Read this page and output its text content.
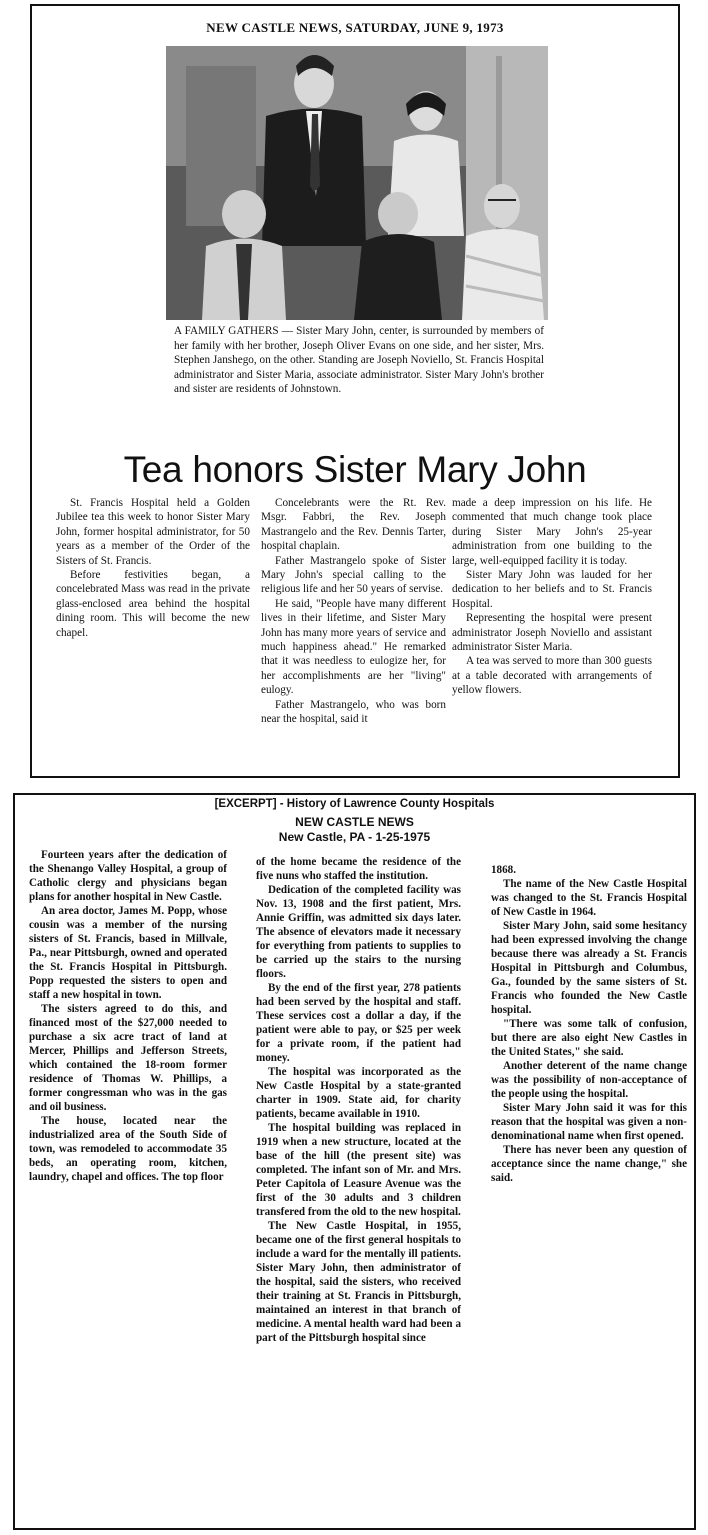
NEW CASTLE NEWS, SATURDAY, JUNE 9, 1973
A FAMILY GATHERS — Sister Mary John, center, is surrounded by members of her family with her brother, Joseph Oliver Evans on one side, and her sister, Mrs. Stephen Janshego, on the other. Standing are Joseph Noviello, St. Francis Hospital administrator and Sister Maria, associate administrator. Sister Mary John's brother and sister are residents of Johnstown.
Tea honors Sister Mary John

St. Francis Hospital held a Golden Jubilee tea this week to honor Sister Mary John, former hospital administrator, for 50 years as a member of the Order of the Sisters of St. Francis.

Before festivities began, a concelebrated Mass was read in the private glass-enclosed area behind the hospital dining room. This will become the new chapel.

Concelebrants were the Rt. Rev. Msgr. Fabbri, the Rev. Joseph Mastrangelo and the Rev. Dennis Tarter, hospital chaplain.

Father Mastrangelo spoke of Sister Mary John's special calling to the religious life and her 50 years of servise.

He said, "People have many different lives in their lifetime, and Sister Mary John has many more years of service and much happiness ahead." He remarked that it was needless to eulogize her, for her accomplishments are her "living" eulogy.

Father Mastrangelo, who was born near the hospital, said it

made a deep impression on his life. He commented that much change took place during Sister Mary John's 25-year administration from one building to the large, well-equipped facility it is today.

Sister Mary John was lauded for her dedication to her beliefs and to St. Francis Hospital.

Representing the hospital were present administrator Joseph Noviello and assistant administrator Sister Maria.

A tea was served to more than 300 guests at a table decorated with arrangements of yellow flowers.

[EXCERPT] - History of Lawrence County Hospitals
NEW CASTLE NEWS
New Castle, PA - 1-25-1975

Fourteen years after the dedication of the Shenango Valley Hospital, a group of Catholic clergy and physicians began plans for another hospital in New Castle.

An area doctor, James M. Popp, whose cousin was a member of the nursing sisters of St. Francis, based in Millvale, Pa., near Pittsburgh, owned and operated the St. Francis Hospital in Pittsburgh. Popp requested the sisters to open and staff a new hospital in town.

The sisters agreed to do this, and financed most of the $27,000 needed to purchase a six acre tract of land at Mercer, Phillips and Jefferson Streets, which contained the 18-room former residence of Thomas W. Phillips, a former congressman who was in the gas and oil business.

The house, located near the industrialized area of the South Side of town, was remodeled to accommodate 35 beds, an operating room, kitchen, laundry, chapel and offices. The top floor

of the home became the residence of the five nuns who staffed the institution.

Dedication of the completed facility was Nov. 13, 1908 and the first patient, Mrs. Annie Griffin, was admitted six days later. The absence of elevators made it necessary for everything from patients to supplies to be carried up the stairs to the nursing floors.

By the end of the first year, 278 patients had been served by the hospital and staff. These services cost a dollar a day, if the patient were able to pay, or $25 per week for a private room, if the patient had money.

The hospital was incorporated as the New Castle Hospital by a state-granted charter in 1909. State aid, for charity patients, became available in 1910.

The hospital building was replaced in 1919 when a new structure, located at the base of the hill (the present site) was completed. The infant son of Mr. and Mrs. Peter Capitola of Leasure Avenue was the first of the 30 adults and 3 children transfered from the old to the new hospital.

The New Castle Hospital, in 1955, became one of the first general hospitals to include a ward for the mentally ill patients. Sister Mary John, then administrator of the hospital, said the sisters, who received their training at St. Francis in Pittsburgh, maintained an interest in that branch of medicine. A mental health ward had been a part of the Pittsburgh hospital since

1868.

The name of the New Castle Hospital was changed to the St. Francis Hospital of New Castle in 1964.

Sister Mary John, said some hesitancy had been expressed involving the change because there was already a St. Francis Hospital in Pittsburgh and Columbus, Ga., founded by the same sisters of St. Francis who founded the New Castle hospital.

"There was some talk of confusion, but there are also eight New Castles in the United States," she said.

Another deterent of the name change was the possibility of non-acceptance of the people using the hospital.

Sister Mary John said it was for this reason that the hospital was given a non-denominational name when first opened.

There has never been any question of acceptance since the name change," she said.
